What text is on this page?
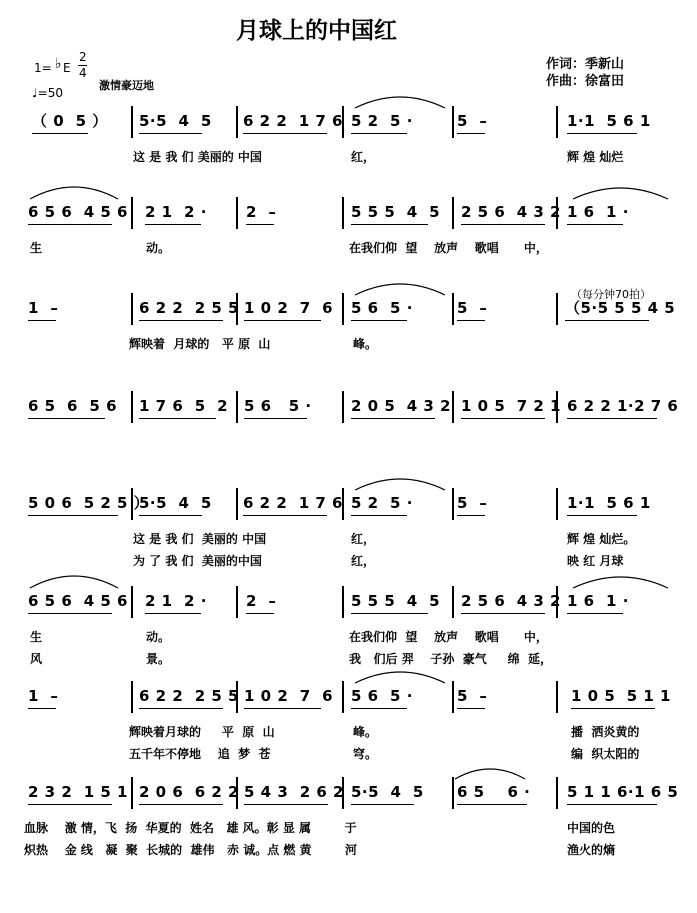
月球上的中国红
作词：季新山
作曲：徐富田
1= ♭ E
2
4
♩=50
激情豪迈地
（每分钟70拍）
（ 0  5 ） 5·5  4  5 6 2 2  1 7 6 5 2  5 ·	5  –	1·1  5 6 1
这 是 我 们 美丽的 中国	红，	辉 煌 灿烂
6 5 6  4 5 6 2 1  2 ·	2  –	5 5 5  4  5 2 5 6  4 3 2 1 6  1 ·
生	动。	在我们仰  望    放声    歌唱      中，
1  –	6 2 2  2 5 5 1 0 2  7  6 5 6  5 ·	5  –	（5·5 5 5 4 5
辉映着  月球的   平 原  山	峰。
6 5  6  5 6 1 7 6  5  2 5 6   5 ·	2 0 5  4 3 2 1 0 5  7 2 1 6 2 2 1·2 7 6
5 0 6  5 2 5 ）
5·5  4  5 6 2 2  1 7 6 5 2  5 ·	5  –	1·1  5 6 1
这 是 我 们  美丽的 中国	红，	辉 煌 灿烂。
为 了 我 们  美丽的中国	红，	映 红 月球
6 5 6  4 5 6 2 1  2 ·	2  –	5 5 5  4  5 2 5 6  4 3 2 1 6  1 ·
生	动。	在我们仰  望    放声    歌唱      中，
风	景。	我   们后 羿    子孙  豪气     绵  延，
1  –	6 2 2  2 5 5 1 0 2  7  6 5 6  5 ·	5  –	1 0 5  5 1 1
辉映着月球的     平  原  山	峰。	播  洒炎黄的
五千年不停地    追  梦  苍	穹。	编  织太阳的
2 3 2  1 5 1 2 0 6  6 2 2 5 4 3  2 6 2 5·5  4  5 6 5    6 · 5 1 1 6·1 6 5
血脉    激 情，飞  扬  华夏的  姓名   雄 风。彰 显 属        于	中国的色
炽热    金 线   凝  聚  长城的  雄伟   赤 诚。点 燃 黄        河	渔火的熵
